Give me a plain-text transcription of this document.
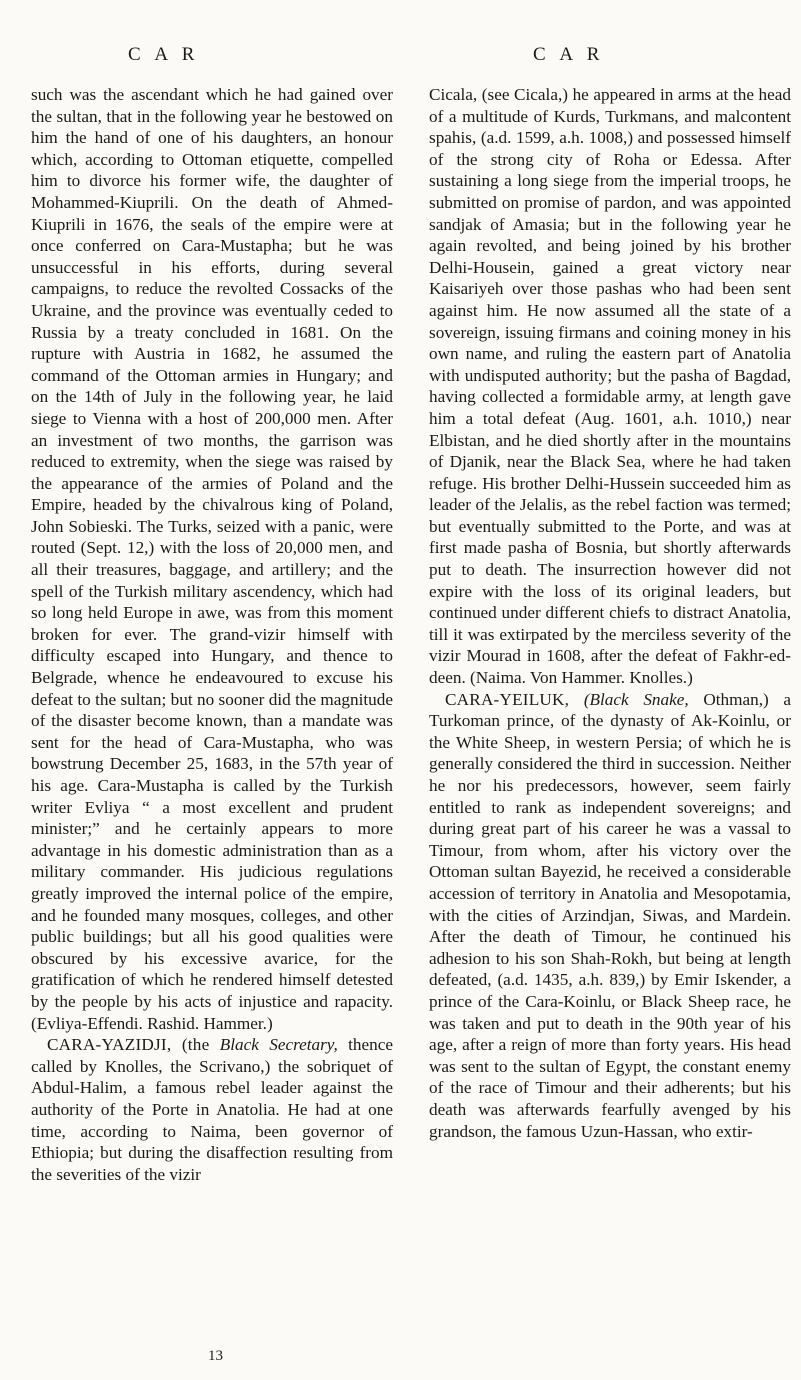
C A R	C A R

such was the ascendant which he had gained over the sultan, that in the following year he bestowed on him the hand of one of his daughters, an honour which, according to Ottoman etiquette, compelled him to divorce his former wife, the daughter of Mohammed-Kiuprili. On the death of Ahmed-Kiuprili in 1676, the seals of the empire were at once conferred on Cara-Mustapha; but he was unsuccessful in his efforts, during several campaigns, to reduce the revolted Cossacks of the Ukraine, and the province was eventually ceded to Russia by a treaty concluded in 1681. On the rupture with Austria in 1682, he assumed the command of the Ottoman armies in Hungary; and on the 14th of July in the following year, he laid siege to Vienna with a host of 200,000 men. After an investment of two months, the garrison was reduced to extremity, when the siege was raised by the appearance of the armies of Poland and the Empire, headed by the chivalrous king of Poland, John Sobieski. The Turks, seized with a panic, were routed (Sept. 12,) with the loss of 20,000 men, and all their treasures, baggage, and artillery; and the spell of the Turkish military ascendency, which had so long held Europe in awe, was from this moment broken for ever. The grand-vizir himself with difficulty escaped into Hungary, and thence to Belgrade, whence he endeavoured to excuse his defeat to the sultan; but no sooner did the magnitude of the disaster become known, than a mandate was sent for the head of Cara-Mustapha, who was bowstrung December 25, 1683, in the 57th year of his age. Cara-Mustapha is called by the Turkish writer Evliya “ a most excellent and prudent minister;” and he certainly appears to more advantage in his domestic administration than as a military commander. His judicious regulations greatly improved the internal police of the empire, and he founded many mosques, colleges, and other public buildings; but all his good qualities were obscured by his excessive avarice, for the gratification of which he rendered himself detested by the people by his acts of injustice and rapacity. (Evliya-Effendi. Rashid. Hammer.)

CARA-YAZIDJI, (the Black Secretary, thence called by Knolles, the Scrivano,) the sobriquet of Abdul-Halim, a famous rebel leader against the authority of the Porte in Anatolia. He had at one time, according to Naima, been governor of Ethiopia; but during the disaffection resulting from the severities of the vizir

Cicala, (see Cicala,) he appeared in arms at the head of a multitude of Kurds, Turkmans, and malcontent spahis, (a.d. 1599, a.h. 1008,) and possessed himself of the strong city of Roha or Edessa. After sustaining a long siege from the imperial troops, he submitted on promise of pardon, and was appointed sandjak of Amasia; but in the following year he again revolted, and being joined by his brother Delhi-Housein, gained a great victory near Kaisariyeh over those pashas who had been sent against him. He now assumed all the state of a sovereign, issuing firmans and coining money in his own name, and ruling the eastern part of Anatolia with undisputed authority; but the pasha of Bagdad, having collected a formidable army, at length gave him a total defeat (Aug. 1601, a.h. 1010,) near Elbistan, and he died shortly after in the mountains of Djanik, near the Black Sea, where he had taken refuge. His brother Delhi-Hussein succeeded him as leader of the Jelalis, as the rebel faction was termed; but eventually submitted to the Porte, and was at first made pasha of Bosnia, but shortly afterwards put to death. The insurrection however did not expire with the loss of its original leaders, but continued under different chiefs to distract Anatolia, till it was extirpated by the merciless severity of the vizir Mourad in 1608, after the defeat of Fakhr-ed-deen. (Naima. Von Hammer. Knolles.)

CARA-YEILUK, (Black Snake, Othman,) a Turkoman prince, of the dynasty of Ak-Koinlu, or the White Sheep, in western Persia; of which he is generally considered the third in succession. Neither he nor his predecessors, however, seem fairly entitled to rank as independent sovereigns; and during great part of his career he was a vassal to Timour, from whom, after his victory over the Ottoman sultan Bayezid, he received a considerable accession of territory in Anatolia and Mesopotamia, with the cities of Arzindjan, Siwas, and Mardein. After the death of Timour, he continued his adhesion to his son Shah-Rokh, but being at length defeated, (a.d. 1435, a.h. 839,) by Emir Iskender, a prince of the Cara-Koinlu, or Black Sheep race, he was taken and put to death in the 90th year of his age, after a reign of more than forty years. His head was sent to the sultan of Egypt, the constant enemy of the race of Timour and their adherents; but his death was afterwards fearfully avenged by his grandson, the famous Uzun-Hassan, who extir-

13
